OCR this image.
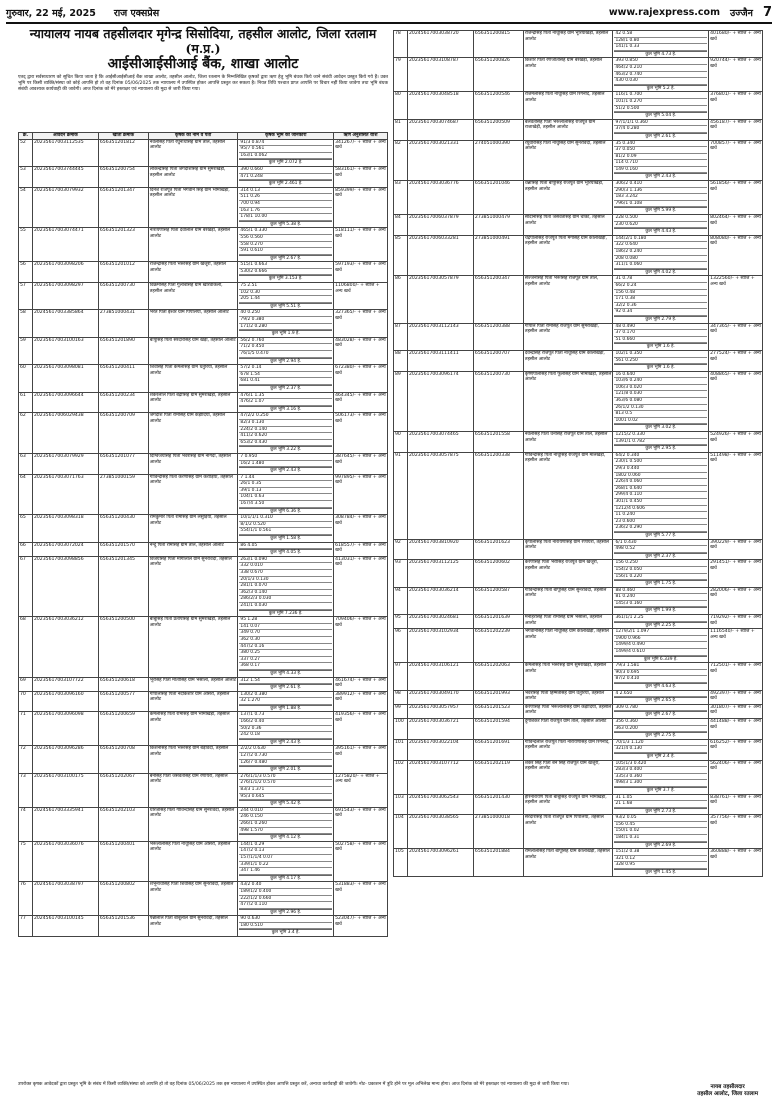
गुरुवार, 22 मई, 2025 राज एक्सप्रेस	www.rajexpress.com उज्जैन 7
न्यायालय नायब तहसीलदार मृगेन्द्र सिसोदिया, तहसील आलोट, जिला रतलाम (म.प्र.)
आईसीआईसीआई बैंक, शाखा आलोट
एतद् द्वारा सर्वसाधारण को सूचित किया जाता है कि आईसीआईसीआई बैंक शाखा आलोट, तहसील आलोट, जिला रतलाम के निम्नलिखित कृषकों द्वारा ऋण हेतु भूमि बंधक किये जाने संबंधी आवेदन प्रस्तुत किये गये हैं। उक्त भूमि पर किसी व्यक्ति/संस्था को कोई आपत्ति हो तो वह दिनांक 05/06/2025 तक न्यायालय में उपस्थित होकर आपत्ति प्रस्तुत कर सकता है। नियत तिथि पश्चात प्राप्त आपत्ति पर विचार नहीं किया जावेगा तथा भूमि बंधक संबंधी आवश्यक कार्यवाही की जावेगी। आज दिनांक को मेरे हस्ताक्षर एवं न्यायालय की मुद्रा से जारी किया गया।
क्र.	आवेदन क्रमांक	खाता क्रमांक	कृषक का नाम व पता	कृषक भूमि की जानकारी	ऋण अनुशंसित राशि
52	20235617003112535	656351201812	नवलसिंह पिता रघुनाथसिंह ग्राम ताल, तहसील आलोट	
91/3 0.874
95/7 0.561
163/1 0.062
कुल भूमि 2.072 है.
	341267/- + ब्याज + अन्य खर्च
53	20235617003744445	656351200754	लोकेन्द्रसिंह पिता जगदीशसिंह ग्राम सुमराखेड़ी, तहसील आलोट	
390 0.660
471 0.248
कुल भूमि 2.461 है.
	583161/- + ब्याज + अन्य खर्च
54	20235617003079932	656351201347	दिनेश राजपूत पिता भगवान सिंह ग्राम भीमाखेड़ा, तहसील आलोट	
314 0.13
511 0.26
700 0.94
163 1.76
178/1 10.00
कुल भूमि 5.38 है.
	859399/- + ब्याज + अन्य खर्च
55	20235617003074471	656351201323	नारायणसिंह पिता देवीलाल ग्राम बरखेड़ा, तहसील आलोट	
465/1 0.330
556 0.560
558 0.270
591 0.610
कुल भूमि 2.67 है.
	518111/- + ब्याज + अन्य खर्च
56	20235617003098206	656351201012	राजेन्द्रसिंह पिता भेरूसिंह ग्राम खजूरी, तहसील आलोट	
515/1 0.663
530/2 0.666
कुल भूमि 3.153 है.
	597193/- + ब्याज + अन्य खर्च
57	20235617003098297	656351200730	विक्रमसिंह पिता गुलाबसिंह ग्राम खारवाकलां, तहसील आलोट	
75 2.51
102 0.30
205 1.44
कुल भूमि 5.51 है.
	1106800/- + ब्याज + अन्य खर्च
58	20245617003385864	273851000431	भरत पिता ईश्वर ग्राम पिपलिया, तहसील आलोट		40 0.250
79/2 0.380
171/2 0.280
कुल भूमि 1.9 है.
	327365/- + ब्याज + अन्य खर्च
59	20235617003100163	656351201890	बापूसिंह पिता सरदारसिंह ग्राम खेड़ा, तहसील आलोट	56/2 0.760
71/2 0.450
76/1/5 0.470
कुल भूमि 2.94 है.
	483028/- + ब्याज + अन्य खर्च
60	20235617003098081	656351200411	शिवसिंह पिता कमलसिंह ग्राम धतुरिया, तहसील आलोट	
57/2 0.14
678 1.54
681 0.41
कुल भूमि 2.37 है.
	672380/- + ब्याज + अन्य खर्च
61	20235617003096644	656351200234	शंकरलाल पिता बद्रीसिंह ग्राम सुमराखेड़ा, तहसील आलोट	
476/1 1.35
476/2 1.07
कुल भूमि 3.16 है.
	464345/- + ब्याज + अन्य खर्च
62	20235617006029438	656351200709	जगदीश पिता रामसिंह ग्राम कड़ोदिया, तहसील आलोट	
47/2/2 0.250
82/3 0.130
224/2 0.140
411/2 0.620
653/2 0.430
कुल भूमि 3.22 है.
	506173/- + ब्याज + अन्य खर्च
63	20235617003079929	656351201077	दिग्विजयसिंह पिता भंवरसिंह ग्राम नागदा, तहसील आलोट	
7 0.950
16/2 1.480
कुल भूमि 2.43 है.
	387645/- + ब्याज + अन्य खर्च
64	20235617003071763	273851000159	गोविन्दसिंह पिता करणसिंह ग्राम कराड़िया, तहसील आलोट	
7 1.44
26/1 0.35
39/1 0.13
104/1 0.63
167/4 3.50
कुल भूमि 6.36 है.
	997895/- + ब्याज + अन्य खर्च
65	20235617003098318	656351200430	रामकुमार पिता रामसिंह ग्राम लसुड़िया, तहसील आलोट	
10/1/1/1 0.310
8/1/2 0.520
554/1/1 0.561
कुल भूमि 1.58 है.
	308784/- + ब्याज + अन्य खर्च
66	20235617003072024	656351201570	नन्दु पिता रामसिंह ग्राम ताल, तहसील आलोट		86 4.05
कुल भूमि 4.05 है.
	618557/- + ब्याज + अन्य खर्च
67	20235617003098856	656351201345	विजयसिंह पिता मांगीलाल ग्राम सुनरावदा, तहसील आलोट	
263/1 0.090
332 0.010
338 0.670
20/1/3 0.130
281/1 0.070
362/3 0.140
286/2/3 0.030
241/1 0.030
कुल भूमि 7.236 है.
	413031/- + ब्याज + अन्य खर्च
68	20235617003036212	656351200500	बाबूसिंह पिता प्रतापसिंह ग्राम सुमराखेड़ी, तहसील आलोट	
95 1.28
141 0.07
349 0.70
362 0.30
447/2 0.16
380 0.25
337 0.27
368 0.17
कुल भूमि 4.33 है.
	709406/- + ब्याज + अन्य खर्च
69	20235617003107722	656351200618	भूरसिंह पिता मोतीसिंह ग्राम भैंसोला, तहसील आलोट	312 1.54
कुल भूमि 2.61 है.
	461674/- + ब्याज + अन्य खर्च
70	20235617003096160	656351200577	गोपालसिंह पिता नंदकिशोर ग्राम ओसरा, तहसील आलोट	
130/2 0.380
32 1.270
कुल भूमि 1.88 है.
	389912/- + ब्याज + अन्य खर्च
71	20235617003096098	656351200659	कमलसिंह पिता रामसिंह ग्राम भीमाखेड़ा, तहसील आलोट	
137/1 0.73
166/2 0.40
50/2 0.36
242 0.18
कुल भूमि 2.43 है.
	419356/- + ब्याज + अन्य खर्च
72	20235617003096286	656351200708	किशनसिंह पिता भेरूसिंह ग्राम बड़ावदा, तहसील आलोट	
2/2/2 0.630
127/2 0.730
126/7 0.480
कुल भूमि 2.01 है.
	395161/- + ब्याज + अन्य खर्च
73	20235617003100175	656351202067	बनेसिंह पिता जसवंतसिंह ग्राम रणायरा, तहसील आलोट	
276/1/1/3 0.570
276/1/1/2 0.570
83/3 1.371
95/3 0.645
कुल भूमि 5.42 है.
	1275820/- + ब्याज + अन्य खर्च
74	20245617003335941	656351202103	धीरजसिंह पिता गोविन्दसिंह ग्राम सुनरावदा, तहसील आलोट	
244 0.010
246 0.150
266/1 0.260
498 1.570
कुल भूमि 4.12 है.
	691543/- + ब्याज + अन्य खर्च
75	20235617003036076	656351200401	भेरूलालसिंह पिता नाथूसिंह ग्राम ओसरा, तहसील आलोट	
144/1 0.29
147/2 0.13
157/1/1/4 0.07
339/1/1 0.22
347 1.46
कुल भूमि 4.17 है.
	502758/- + ब्याज + अन्य खर्च
76	20245617003038797	656351200802	शंभूनाथसिंह पिता शिवसिंह ग्राम सुनरावदा, तहसील आलोट	
43/2 0.40
189/1/2 0.400
222/1/2 0.660
477/2 0.110
कुल भूमि 2.96 है.
	531883/- + ब्याज + अन्य खर्च
77	20245617003100145	656351201536	पन्नालाल पिता बाबूलाल ग्राम सुनरावदा, तहसील आलोट	
90 0.630
180 0.510
कुल भूमि 3.4 है.
	523047/- + ब्याज + अन्य खर्च
78	20245617003038720	656351200815	राजेन्द्रसिंह पिता नाथूसिंह ग्राम भूरियाखेड़ी, तहसील आलोट	
42 0.58
128/1 0.80
141/1 0.33
कुल भूमि 4.73 है.
	401680/- + ब्याज + अन्य खर्च
79	20235617003108787	656351200826	किशोर पिता रणजीतसिंह ग्राम बरखेड़ा, तहसील आलोट	
393 0.850
464/2 0.210
463/2 0.740
430 0.030
कुल भूमि 5.2 है.
	920744/- + ब्याज + अन्य खर्च
80	20245617003048518	656351200546	राजमलसिंह पिता नाथूसिंह ग्राम रिंगनोद, तहसील आलोट	
116/1 0.700
101/1 0.270
51/2 0.500
कुल भूमि 5.04 है.
	376801/- + ब्याज + अन्य खर्च
81	20235617003074687	656351200509	बलवंतसिंह पिता भेरूलालसिंह राजपूत ग्राम राजाखेड़ी, तहसील आलोट	
97/1/1/1 0.360
37/4 0.280
कुल भूमि 2.61 है.
	456187/- + ब्याज + अन्य खर्च
82	20235617003021331	274051000390	रघुवीरसिंह पिता नाथुसिंह ग्राम सुनरावदा, तहसील आलोट	
35 0.340
37 0.050
81/2 0.09
114 0.710
149 0.160
कुल भूमि 2.43 है.
	700857/- + ब्याज + अन्य खर्च
83	20245617003036776	656351201046	धन्नासिंह पिता बापूसिंह राजपूत ग्राम भूरियाखेड़ा, तहसील आलोट	
306/2 0.410
290/3 1.136
183 3.242
796/1 0.108
कुल भूमि 5.99 है.
	561856/- + ब्याज + अन्य खर्च
84	20235617006037879	273851000479	सौदानसिंह पिता जसवंतसिंह ग्राम चौकी, तहसील आलोट	
228 0.500
230 0.620
कुल भूमि 4.43 है.
	802464/- + ब्याज + अन्य खर्च
85	20235617006033281	273851000491	चंद्रपालसिंह राजपूत पिता मैंगसिंह ग्राम कालाखेड़ी, तहसील आलोट	
144/2/1 0.180
322 0.640
186/2 0.240
208 0.080
311/1 0.060
कुल भूमि 4.02 है.
	808080/- + ब्याज + अन्य खर्च
86	20235617003057879	656351200347	सज्जनसिंह पिता भेरूसिंह राजपूत ग्राम ताल, तहसील आलोट	
31 0.78
66/2 0.24
156 0.48
171 0.38
32/2 0.36
92 0.34
कुल भूमि 2.79 है.
	1322560/- + ब्याज + अन्य खर्च
87	20235617003112143	656351200388	गोपाल पिता रामसिंह राजपूत ग्राम सुमराखेड़ी, तहसील आलोट	
48 0.490
37 0.170
51 0.660
कुल भूमि 1.6 है.
	347365/- + ब्याज + अन्य खर्च
88	20235617003111411	656351200707	देवेन्द्रसिंह राजपूत पिता नाथूसिंह ग्राम कालीखेड़ा, तहसील आलोट	
102/1 0.350
561 0.250
कुल भूमि 1.6 है.
	277524/- + ब्याज + अन्य खर्च
89	20235617003096174	656351200730	कृष्णपालसिंह पिता फूलसिंह ग्राम भीमाखेड़ा, तहसील आलोट	
16 0.640
103/6 0.240
106/3 0.020
121/8 0.030
363/6 0.080
26/1/2 0.130
813 0.5
1001 0.02
कुल भूमि 3.02 है.
	408865/- + ब्याज + अन्य खर्च
90	20235617003074465	656351201558	नवलसिंह पिता धनसिंह राजपूत ग्राम ताल, तहसील आलोट	
1215/2 0.330
1391/1 0.782
कुल भूमि 2.95 है.
	524926/- + ब्याज + अन्य खर्च
91	20235617003057875	656351200338	गोविन्दसिंह पिता नाथूसिंह राजपूत ग्राम मालखेड़ा, तहसील आलोट	
64/2 0.340
230/1 0.500
29/3 0.440
1802 0.060
226/4 0.060
268/1 0.640
299/4 0.110
301/1 0.450
1212/4 0.606
11 0.240
23 0.600
236/2 0.290
कुल भूमि 5.77 है.
	511498/- + ब्याज + अन्य खर्च
92	20245617003810920	656351201623	कृपालसिंह पिता नारायणसिंह ग्राम रणायरा, तहसील आलोट	
6/1 0.430
498 0.52
कुल भूमि 2.37 है.
	390229/- + ब्याज + अन्य खर्च
93	20235617003112125	656351200602	करणसिंह पिता भैरोसिंह राजपूत ग्राम खजूरी, तहसील आलोट	
156 0.250
154/2 0.050
156/1 0.220
कुल भूमि 1.75 है.
	291451/- + ब्याज + अन्य खर्च
94	20235617003036214	656351200587	गोविन्दसिंह पिता बापूसिंह ग्राम सुनरावदा, तहसील आलोट	
88 0.460
81 0.240
145/3 0.160
कुल भूमि 1.99 है.
	282006/- + ब्याज + अन्य खर्च
95	20235617003024681	656351201639	मनोहरसिंह पिता रामसिंह ग्राम भैंसोला, तहसील आलोट	
361/1/1 2.25
कुल भूमि 2.25 है.
	719292/- + ब्याज + अन्य खर्च
96	20235617003102934	656351202239	भगवानसिंह पिता नाथूसिंह ग्राम कालाखेड़ी, तहसील आलोट	
1279/2/1 1.097
1900 0.966
1499/4 0.490
1499/4 0.610
कुल भूमि 6.339 है.
	1116540/- + ब्याज + अन्य खर्च
97	20245617003106121	656351202063	कमलसिंह पिता भेरूसिंह ग्राम सुमराखेड़ी, तहसील आलोट	
79/3 1.581
90/3 0.695
87/2 0.410
कुल भूमि 4.63 है.
	712501/- + ब्याज + अन्य खर्च
98	20235617003049170	656351201993	भंवरसिंह पिता हिम्मतसिंह ग्राम धतुरिया, तहसील आलोट	
4 2.650
कुल भूमि 2.65 है.
	492397/- + ब्याज + अन्य खर्च
99	20235617003057957	656351201523	करणसिंह पिता भेरूलालसिंह ग्राम कड़ोदिया, तहसील आलोट	
309 0.780
कुल भूमि 2.67 है.
	301807/- + ब्याज + अन्य खर्च
100	20235617003036721	656351201594	दुर्गाशंकर पिता राजपूत ग्राम ताल, तहसील आलोट	356 0.360
363 0.200
कुल भूमि 2.75 है.
	441488/- + ब्याज + अन्य खर्च
101	20235617003022104	656351201691	गोविन्दलाल राजपूत पिता नारायणसिंह ग्राम रिंगनोद, तहसील आलोट	
70/1/3 1.120
321/4 0.130
कुल भूमि 2.4 है.
	616252/- + ब्याज + अन्य खर्च
102	20245617003107712	656351202119	शंकर सिंह पिता बने सिंह राजपूत ग्राम खजूरी, तहसील आलोट	
105/1/3 0.420
283/3 0.400
335/3 0.360
498/3 1.300
कुल भूमि 3.7 है.
	562406/- + ब्याज + अन्य खर्च
103	20245617003062543	656351201430	हरिनारायण पिता बाबूसिंह राजपूत ग्राम भीमाखेड़ा, तहसील आलोट	
31 1.05
21 1.68
कुल भूमि 2.73 है.
	838761/- + ब्याज + अन्य खर्च
104	20235617003038565	273851000018	सरदारसिंह पिता राजपूत ग्राम पिपलिया, तहसील आलोट	
93/2 0.05
156 0.45
150/1 0.02
184/1 0.31
कुल भूमि 2.69 है.
	357756/- + ब्याज + अन्य खर्च
105	20245617003096261	656351201884	रामलालसिंह पिता बापूसिंह ग्राम कालाखेड़ी, तहसील आलोट	
151/2 0.38
321 0.12
328 0.95
कुल भूमि 1.45 है.
	360888/- + ब्याज + अन्य खर्च
उपरोक्त कृषक आवेदकों द्वारा प्रस्तुत भूमि के संबंध में किसी व्यक्ति/संस्था को आपत्ति हो तो वह दिनांक 05/06/2025 तक इस न्यायालय में उपस्थित होकर आपत्ति प्रस्तुत करें, अन्यथा कार्यवाही की जावेगी। नोट- प्रकाशन में त्रुटि होने पर मूल अभिलेख मान्य होगा। आज दिनांक को मेरे हस्ताक्षर एवं न्यायालय की मुद्रा से जारी किया गया।	नायब तहसीलदार
तहसील आलोट, जिला रतलाम
